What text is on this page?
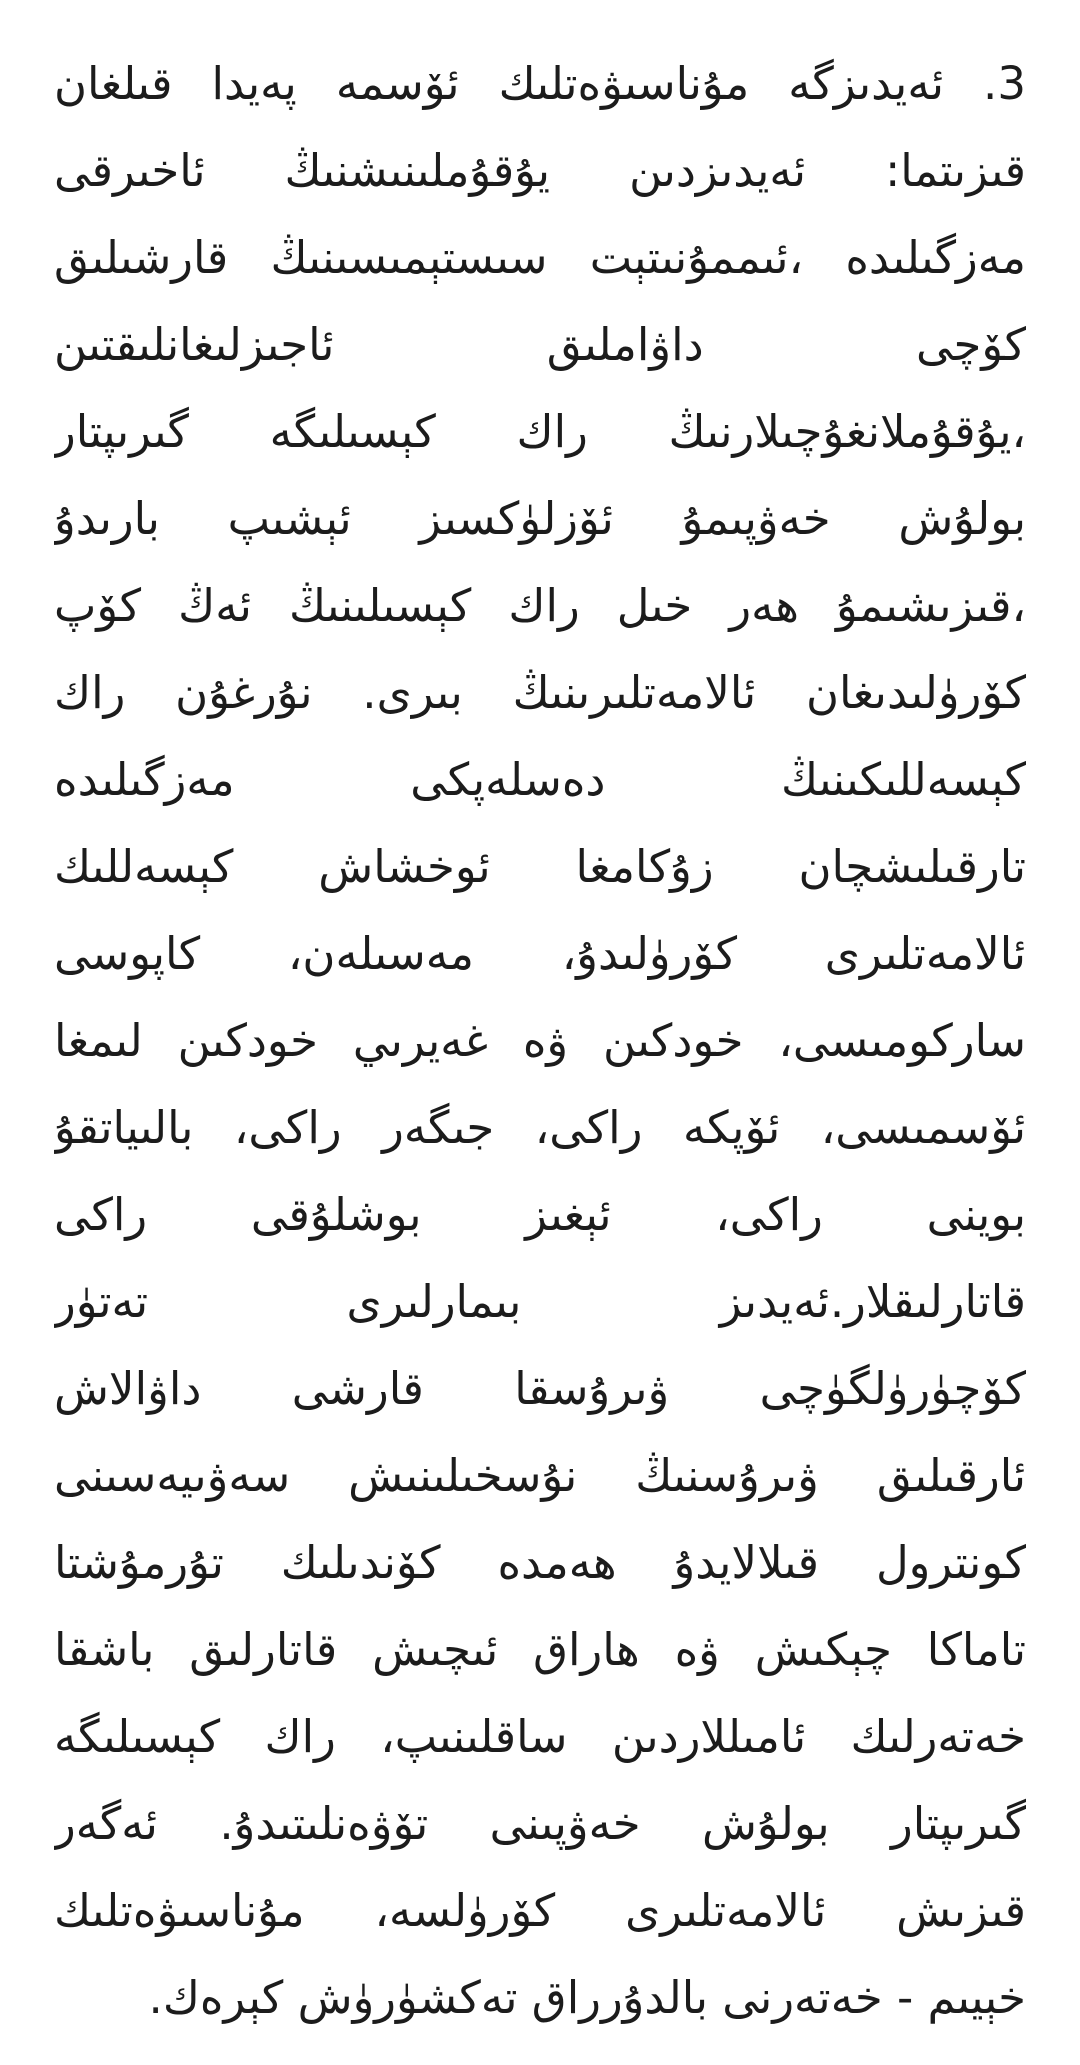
3. ئەيدىزگە مۇناسىۋەتلىك ئۆسمە پەيدا قىلغان
قىزىتما: ئەيدىزدىن يۇقۇملىنىشنىڭ ئاخىرقى
مەزگىلىدە ،ئىممۇنىتېت سىستېمىسىنىڭ قارشىلىق
كۆچى داۋاملىق ئاجىزلىغانلىقتىن
،يۇقۇملانغۇچىلارنىڭ راك كېسىلىگە گىرىپتار
بولۇش خەۋپىمۇ ئۆزلۈكسىز ئېشىپ بارىدۇ
،قىزىشىمۇ ھەر خىل راك كېسىلىنىڭ ئەڭ كۆپ
كۆرۈلىدىغان ئالامەتلىرىنىڭ بىرى. نۇرغۇن راك
كېسەللىكىنىڭ دەسلەپكى مەزگىلىدە
تارقىلىشچان زۇكامغا ئوخشاش كېسەللىك
ئالامەتلىرى كۆرۈلىدۇ، مەسىلەن، كاپوسى
ساركومىسى، خودكىن ۋە غەيرىي خودكىن لىمغا
ئۆسمىسى، ئۆپكە راكى، جىگەر راكى، بالىياتقۇ
بوينى راكى، ئېغىز بوشلۇقى راكى
قاتارلىقلار.ئەيدىز بىمارلىرى تەتۈر
كۆچۈرۈلگۈچى ۋىرۇسقا قارشى داۋالاش
ئارقىلىق ۋىرۇسنىڭ نۇسخىلىنىش سەۋىيەسىنى
كونترول قىلالايدۇ ھەمدە كۆندىلىك تۇرمۇشتا
تاماكا چېكىش ۋە ھاراق ئىچىش قاتارلىق باشقا
خەتەرلىك ئامىللاردىن ساقلىنىپ، راك كېسىلىگە
گىرىپتار بولۇش خەۋپىنى تۆۋەنلىتىدۇ. ئەگەر
قىزىش ئالامەتلىرى كۆرۈلسە، مۇناسىۋەتلىك
خېيىم - خەتەرنى بالدۇرراق تەكشۈرۈش كېرەك.
